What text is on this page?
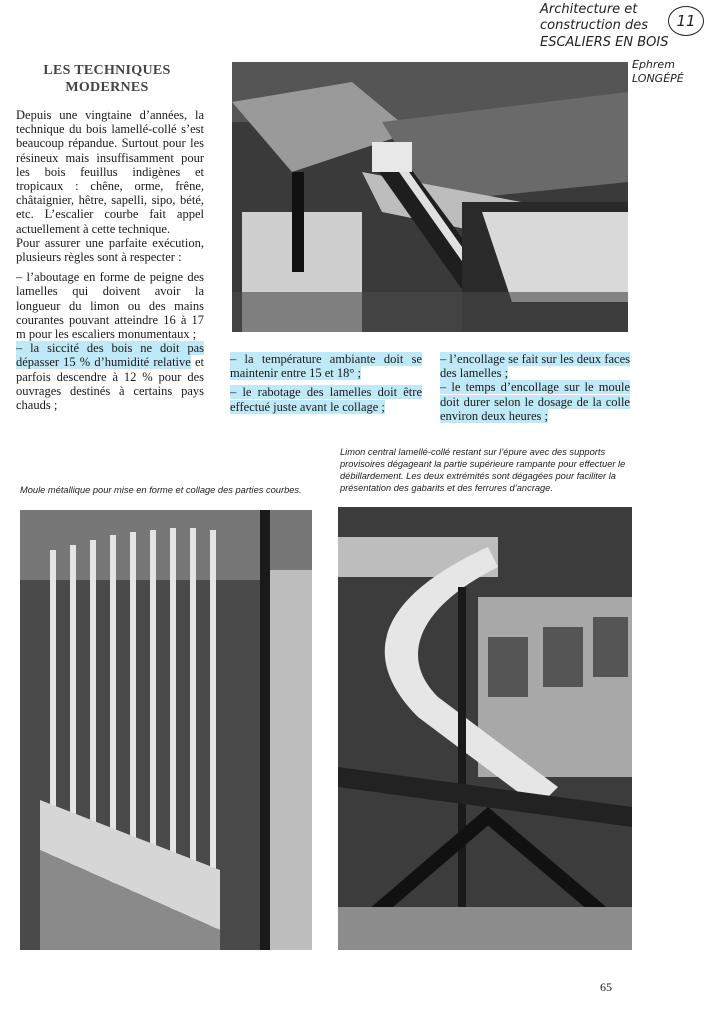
Architecture et
construction des
ESCALIERS EN BOIS
11
Ephrem
LONGÉPÉ
LES TECHNIQUES
MODERNES

Depuis une vingtaine d’années, la technique du bois lamellé-collé s’est beaucoup répandue. Surtout pour les résineux mais insuffisamment pour les bois feuillus indigènes et tropicaux : chêne, orme, frêne, châtaignier, hêtre, sapelli, sipo, bété, etc. L’escalier courbe fait appel actuellement à cette technique.

Pour assurer une parfaite exécution, plusieurs règles sont à respecter :

– l’aboutage en forme de peigne des lamelles qui doivent avoir la longueur du limon ou des mains courantes pouvant atteindre 16 à 17 m pour les escaliers monumentaux ;

– la siccité des bois ne doit pas dépasser 15 % d’humidité relative et parfois descendre à 12 % pour des ouvrages destinés à certains pays chauds ;

– la température ambiante doit se maintenir entre 15 et 18° ;

– le rabotage des lamelles doit être effectué juste avant le collage ;

– l’encollage se fait sur les deux faces des lamelles ;

– le temps d’encollage sur le moule doit durer selon le dosage de la colle environ deux heures ;

Limon central lamellé-collé restant sur l’épure avec des supports provisoires dégageant la partie supérieure rampante pour effectuer le débillardement. Les deux extrémités sont dégagées pour faciliter la présentation des gabarits et des ferrures d’ancrage.
Moule métallique pour mise en forme et collage des parties courbes.
65
